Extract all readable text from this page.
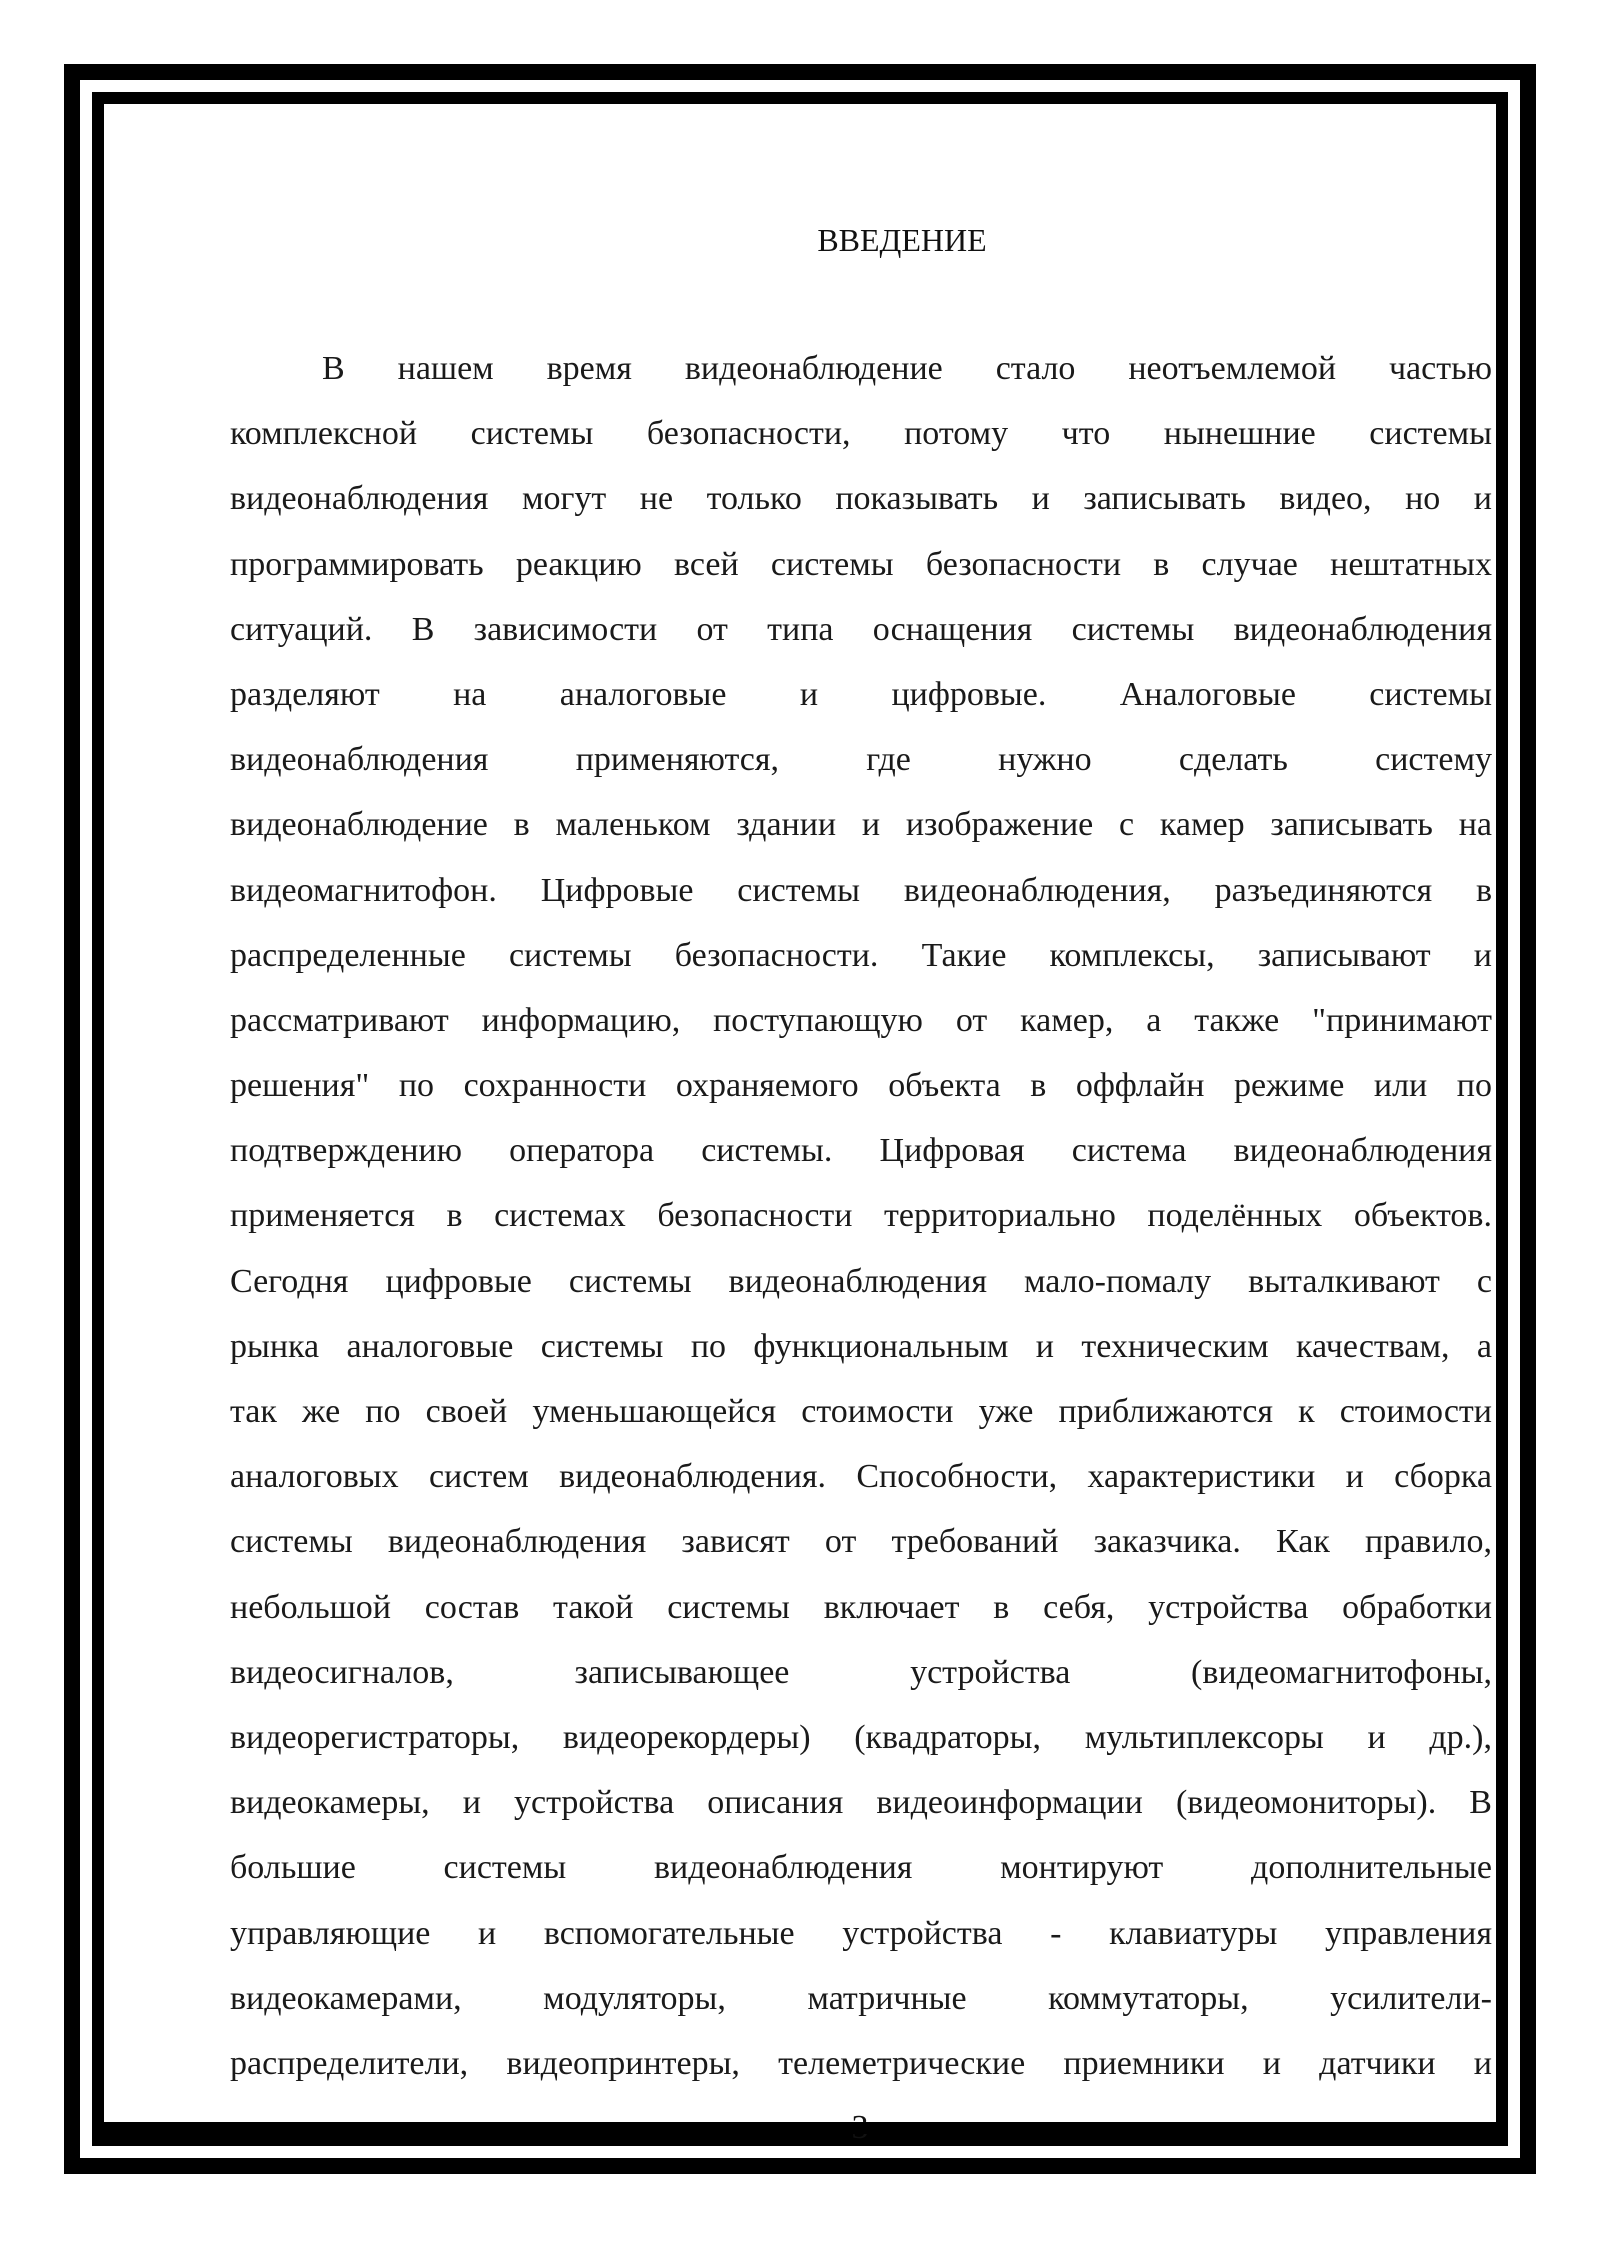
ВВЕДЕНИЕ
В нашем время видеонаблюдение стало неотъемлемой частью
комплексной системы безопасности, потому что нынешние системы
видеонаблюдения могут не только показывать и записывать видео, но и
программировать реакцию всей системы безопасности в случае нештатных
ситуаций. В зависимости от типа оснащения системы видеонаблюдения
разделяют на аналоговые и цифровые. Аналоговые системы
видеонаблюдения применяются, где нужно сделать систему
видеонаблюдение в маленьком здании и изображение с камер записывать на
видеомагнитофон. Цифровые системы видеонаблюдения, разъединяются в
распределенные системы безопасности. Такие комплексы, записывают и
рассматривают информацию, поступающую от камер, а также "принимают
решения" по сохранности охраняемого объекта в оффлайн режиме или по
подтверждению оператора системы. Цифровая система видеонаблюдения
применяется в системах безопасности территориально поделённых объектов.
Сегодня цифровые системы видеонаблюдения мало-помалу выталкивают с
рынка аналоговые системы по функциональным и техническим качествам, а
так же по своей уменьшающейся стоимости уже приближаются к стоимости
аналоговых систем видеонаблюдения. Способности, характеристики и сборка
системы видеонаблюдения зависят от требований заказчика. Как правило,
небольшой состав такой системы включает в себя, устройства обработки
видеосигналов, записывающее устройства (видеомагнитофоны,
видеорегистраторы, видеорекордеры) (квадраторы, мультиплексоры и др.),
видеокамеры, и устройства описания видеоинформации (видеомониторы). В
большие системы видеонаблюдения монтируют дополнительные
управляющие и вспомогательные устройства - клавиатуры управления
видеокамерами, модуляторы, матричные коммутаторы, усилители-
распределители, видеопринтеры, телеметрические приемники и датчики и
